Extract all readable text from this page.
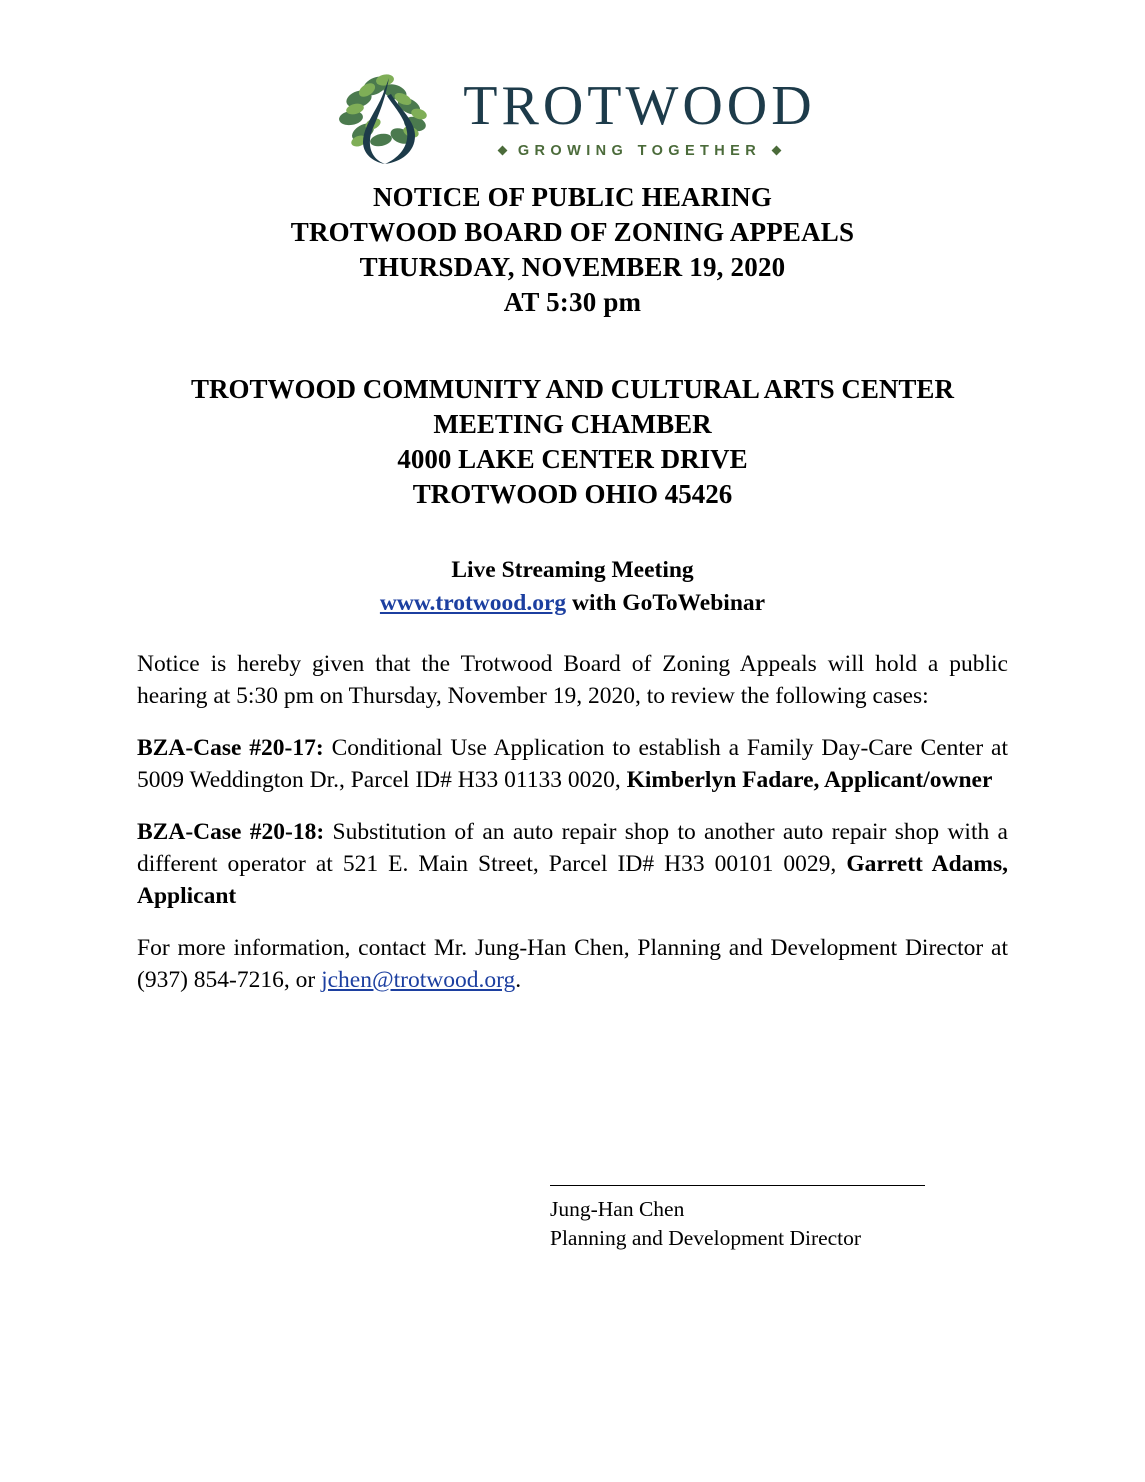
TROTWOOD
GROWING TOGETHER
NOTICE OF PUBLIC HEARING
TROTWOOD BOARD OF ZONING APPEALS
THURSDAY, NOVEMBER 19, 2020
AT 5:30 pm
TROTWOOD COMMUNITY AND CULTURAL ARTS CENTER
MEETING CHAMBER
4000 LAKE CENTER DRIVE
TROTWOOD OHIO 45426
Live Streaming Meeting
www.trotwood.org with GoToWebinar

Notice is hereby given that the Trotwood Board of Zoning Appeals will hold a public hearing at 5:30 pm on Thursday, November 19, 2020, to review the following cases:

BZA-Case #20-17: Conditional Use Application to establish a Family Day-Care Center at 5009 Weddington Dr., Parcel ID# H33 01133 0020, Kimberlyn Fadare, Applicant/owner

BZA-Case #20-18: Substitution of an auto repair shop to another auto repair shop with a different operator at 521 E. Main Street, Parcel ID# H33 00101 0029, Garrett Adams, Applicant

For more information, contact Mr. Jung-Han Chen, Planning and Development Director at (937) 854-7216, or jchen@trotwood.org.

Jung-Han Chen
Planning and Development Director
